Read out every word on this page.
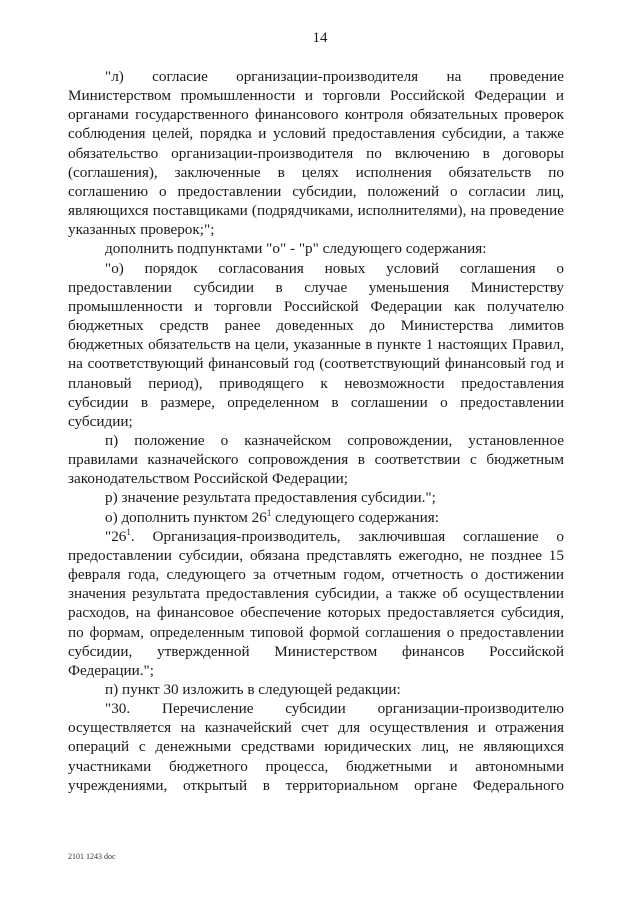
14

"л) согласие организации-производителя на проведение Министерством промышленности и торговли Российской Федерации и органами государственного финансового контроля обязательных проверок соблюдения целей, порядка и условий предоставления субсидии, а также обязательство организации-производителя по включению в договоры (соглашения), заключенные в целях исполнения обязательств по соглашению о предоставлении субсидии, положений о согласии лиц, являющихся поставщиками (подрядчиками, исполнителями), на проведение указанных проверок;";

дополнить подпунктами "о" - "р" следующего содержания:

"о) порядок согласования новых условий соглашения о предоставлении субсидии в случае уменьшения Министерству промышленности и торговли Российской Федерации как получателю бюджетных средств ранее доведенных до Министерства лимитов бюджетных обязательств на цели, указанные в пункте 1 настоящих Правил, на соответствующий финансовый год (соответствующий финансовый год и плановый период), приводящего к невозможности предоставления субсидии в размере, определенном в соглашении о предоставлении субсидии;

п) положение о казначейском сопровождении, установленное правилами казначейского сопровождения в соответствии с бюджетным законодательством Российской Федерации;

р) значение результата предоставления субсидии.";

о) дополнить пунктом $26^1$ следующего содержания:

"$26^1$. Организация-производитель, заключившая соглашение о предоставлении субсидии, обязана представлять ежегодно, не позднее 15 февраля года, следующего за отчетным годом, отчетность о достижении значения результата предоставления субсидии, а также об осуществлении расходов, на финансовое обеспечение которых предоставляется субсидия, по формам, определенным типовой формой соглашения о предоставлении субсидии, утвержденной Министерством финансов Российской Федерации.";

п) пункт 30 изложить в следующей редакции:

"30. Перечисление субсидии организации-производителю осуществляется на казначейский счет для осуществления и отражения операций с денежными средствами юридических лиц, не являющихся участниками бюджетного процесса, бюджетными и автономными учреждениями, открытый в территориальном органе Федерального

2101 1243 doc
